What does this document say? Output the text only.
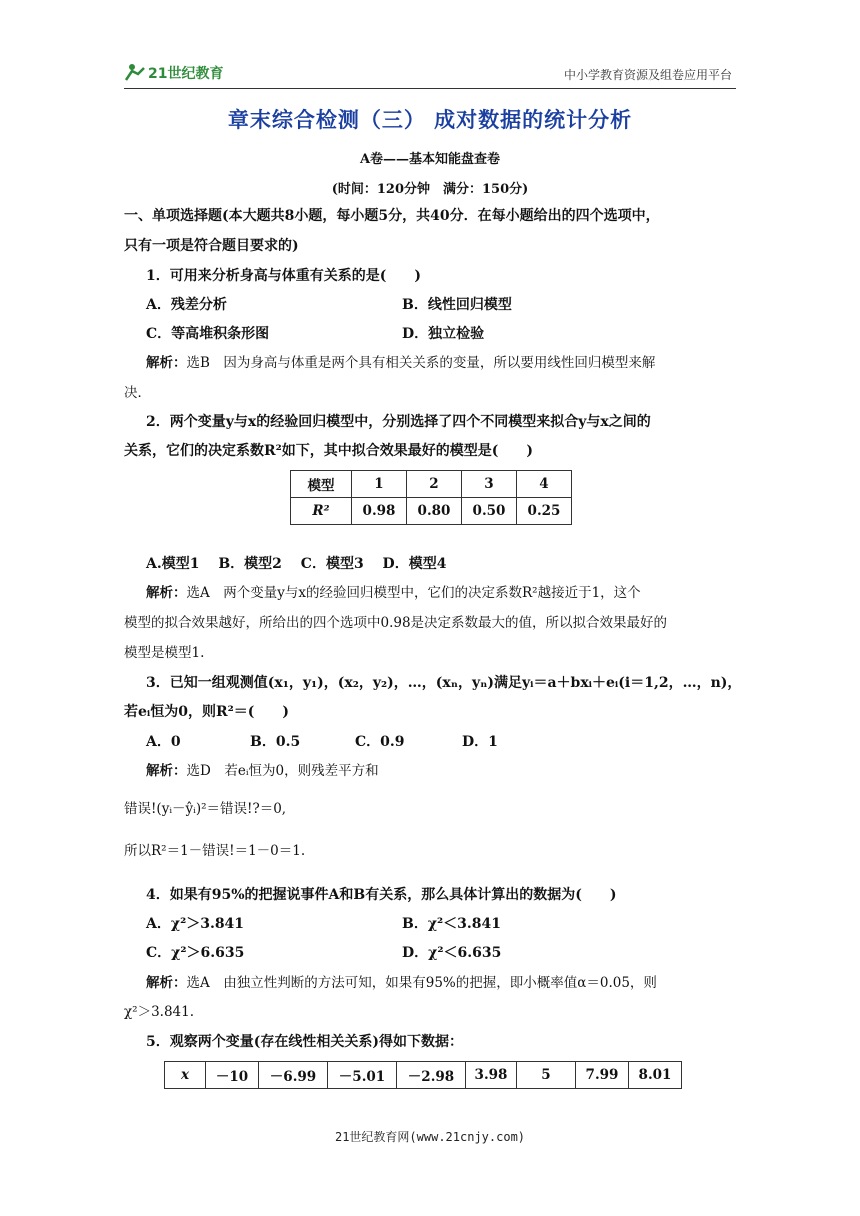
21世纪教育	中小学教育资源及组卷应用平台
章末综合检测（三） 成对数据的统计分析
A卷——基本知能盘查卷
(时间：120分钟　满分：150分)
一、单项选择题(本大题共8小题，每小题5分，共40分．在每小题给出的四个选项中，
只有一项是符合题目要求的)
1．可用来分析身高与体重有关系的是(　　)
A．残差分析	B．线性回归模型
C．等高堆积条形图	D．独立检验
解析：选B　因为身高与体重是两个具有相关关系的变量，所以要用线性回归模型来解
决．
2．两个变量y与x的经验回归模型中，分别选择了四个不同模型来拟合y与x之间的
关系，它们的决定系数R²如下，其中拟合效果最好的模型是(　　)
模型	1	2	3	4
R²	0.98	0.80	0.50	0.25
A.模型1　 B．模型2　 C．模型3　 D．模型4
解析：选A　两个变量y与x的经验回归模型中，它们的决定系数R²越接近于1，这个
模型的拟合效果越好，所给出的四个选项中0.98是决定系数最大的值，所以拟合效果最好的
模型是模型1.
3．已知一组观测值(x₁，y₁)，(x₂，y₂)，…，(xₙ，yₙ)满足yᵢ＝a＋bxᵢ＋eᵢ(i＝1,2，…，n)，
若eᵢ恒为0，则R²＝(　　)
A．0	B．0.5	C．0.9	D．1
解析：选D　若eᵢ恒为0，则残差平方和
错误!(yᵢ－ŷᵢ)²＝错误!?＝0,
所以R²＝1－错误!＝1－0＝1.
4．如果有95%的把握说事件A和B有关系，那么具体计算出的数据为(　　)
A．χ²＞3.841	B．χ²＜3.841
C．χ²＞6.635	D．χ²＜6.635
解析：选A　由独立性判断的方法可知，如果有95%的把握，即小概率值α＝0.05，则
χ²＞3.841.
5．观察两个变量(存在线性相关关系)得如下数据：
x	－10	－6.99	－5.01	－2.98	3.98	5	7.99	8.01
21世纪教育网(www.21cnjy.com)
